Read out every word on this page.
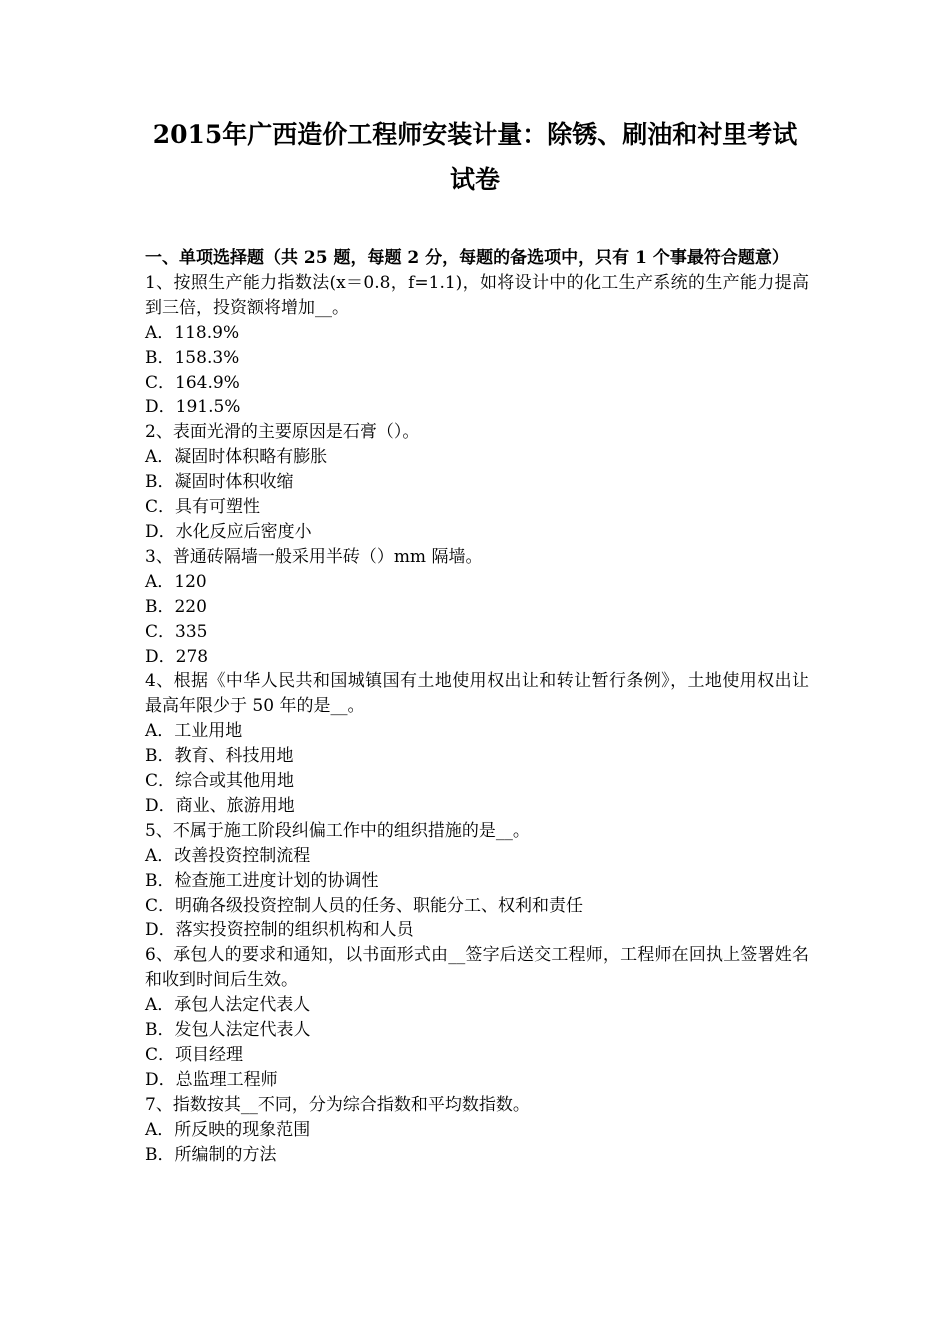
2015年广西造价工程师安装计量：除锈、刷油和衬里考试
试卷
一、单项选择题（共 25 题，每题 2 分，每题的备选项中，只有 1 个事最符合题意）
1、按照生产能力指数法(x＝0.8，f=1.1)，如将设计中的化工生产系统的生产能力提高到三倍，投资额将增加__。
A．118.9%
B．158.3%
C．164.9%
D．191.5%
2、表面光滑的主要原因是石膏（）。
A．凝固时体积略有膨胀
B．凝固时体积收缩
C．具有可塑性
D．水化反应后密度小
3、普通砖隔墙一般采用半砖（）mm 隔墙。
A．120
B．220
C．335
D．278
4、根据《中华人民共和国城镇国有土地使用权出让和转让暂行条例》，土地使用权出让最高年限少于 50 年的是__。
A．工业用地
B．教育、科技用地
C．综合或其他用地
D．商业、旅游用地
5、不属于施工阶段纠偏工作中的组织措施的是__。
A．改善投资控制流程
B．检查施工进度计划的协调性
C．明确各级投资控制人员的任务、职能分工、权利和责任
D．落实投资控制的组织机构和人员
6、承包人的要求和通知，以书面形式由__签字后送交工程师，工程师在回执上签署姓名和收到时间后生效。
A．承包人法定代表人
B．发包人法定代表人
C．项目经理
D．总监理工程师
7、指数按其__不同，分为综合指数和平均数指数。
A．所反映的现象范围
B．所编制的方法
